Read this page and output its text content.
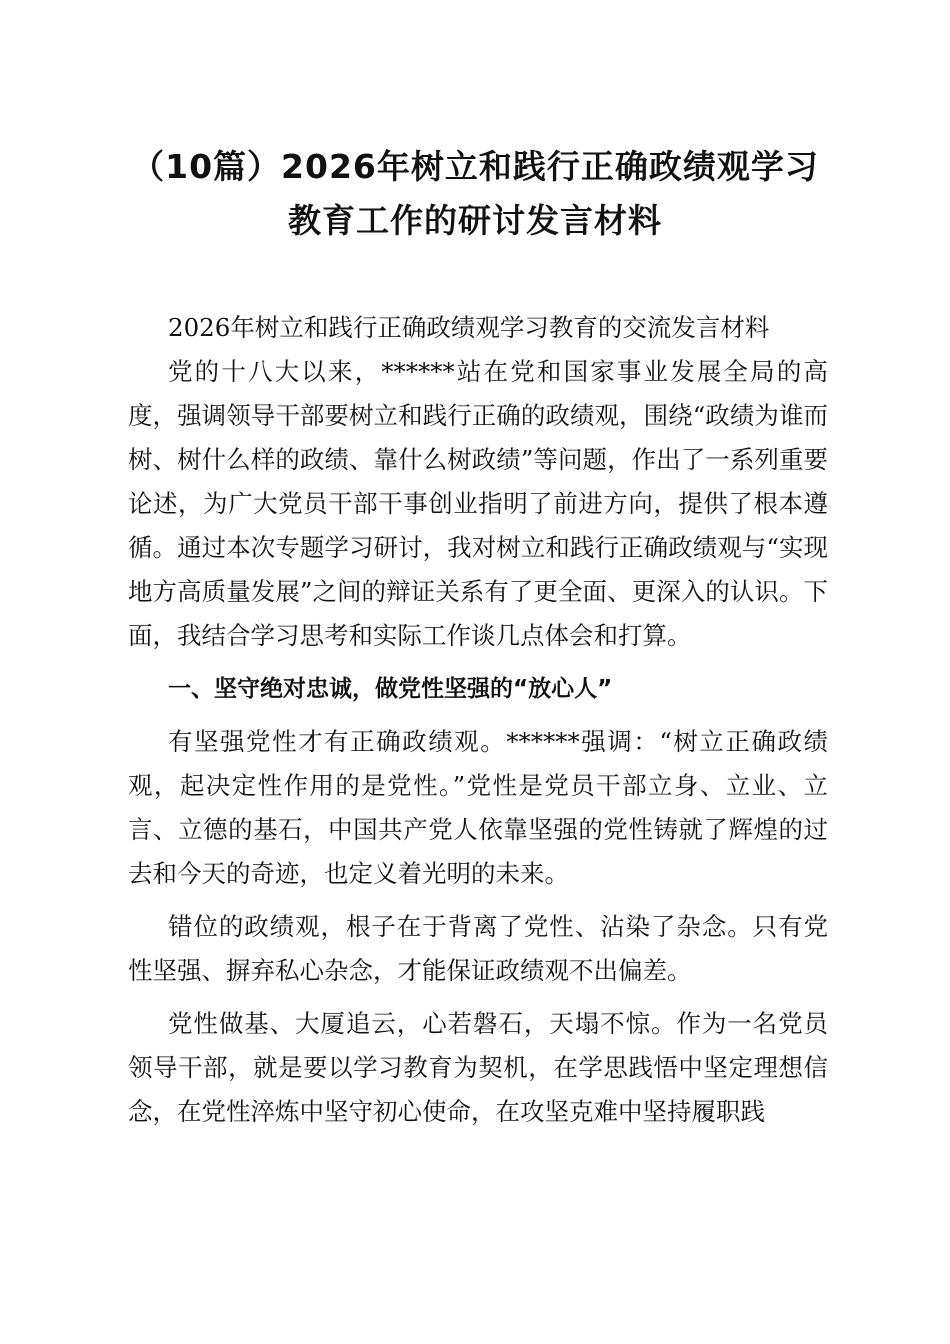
（10篇）2026年树立和践行正确政绩观学习
教育工作的研讨发言材料

2026年树立和践行正确政绩观学习教育的交流发言材料

党的十八大以来，******站在党和国家事业发展全局的高度，强调领导干部要树立和践行正确的政绩观，围绕“政绩为谁而树、树什么样的政绩、靠什么树政绩”等问题，作出了一系列重要论述，为广大党员干部干事创业指明了前进方向，提供了根本遵循。通过本次专题学习研讨，我对树立和践行正确政绩观与“实现地方高质量发展”之间的辩证关系有了更全面、更深入的认识。下面，我结合学习思考和实际工作谈几点体会和打算。

一、坚守绝对忠诚，做党性坚强的“放心人”

有坚强党性才有正确政绩观。******强调：“树立正确政绩观，起决定性作用的是党性。”党性是党员干部立身、立业、立言、立德的基石，中国共产党人依靠坚强的党性铸就了辉煌的过去和今天的奇迹，也定义着光明的未来。

错位的政绩观，根子在于背离了党性、沾染了杂念。只有党性坚强、摒弃私心杂念，才能保证政绩观不出偏差。

党性做基、大厦追云，心若磐石，天塌不惊。作为一名党员领导干部，就是要以学习教育为契机，在学思践悟中坚定理想信念，在党性淬炼中坚守初心使命，在攻坚克难中坚持履职践
